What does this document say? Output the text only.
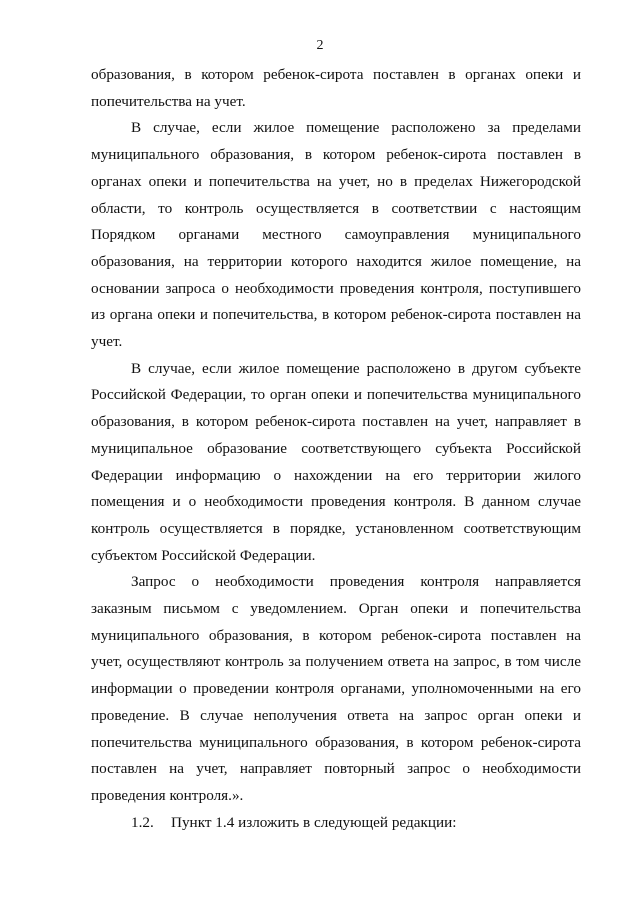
2

образования, в котором ребенок-сирота поставлен в органах опеки и попечительства на учет.

В случае, если жилое помещение расположено за пределами муниципального образования, в котором ребенок-сирота поставлен в органах опеки и попечительства на учет, но в пределах Нижегородской области, то контроль осуществляется в соответствии с настоящим Порядком органами местного самоуправления муниципального образования, на территории которого находится жилое помещение, на основании запроса о необходимости проведения контроля, поступившего из органа опеки и попечительства, в котором ребенок-сирота поставлен на учет.

В случае, если жилое помещение расположено в другом субъекте Российской Федерации, то орган опеки и попечительства муниципального образования, в котором ребенок-сирота поставлен на учет, направляет в муниципальное образование соответствующего субъекта Российской Федерации информацию о нахождении на его территории жилого помещения и о необходимости проведения контроля. В данном случае контроль осуществляется в порядке, установленном соответствующим субъектом Российской Федерации.

Запрос о необходимости проведения контроля направляется заказным письмом с уведомлением. Орган опеки и попечительства муниципального образования, в котором ребенок-сирота поставлен на учет, осуществляют контроль за получением ответа на запрос, в том числе информации о проведении контроля органами, уполномоченными на его проведение. В случае неполучения ответа на запрос орган опеки и попечительства муниципального образования, в котором ребенок-сирота поставлен на учет, направляет повторный запрос о необходимости проведения контроля.».

1.2. Пункт 1.4 изложить в следующей редакции:
